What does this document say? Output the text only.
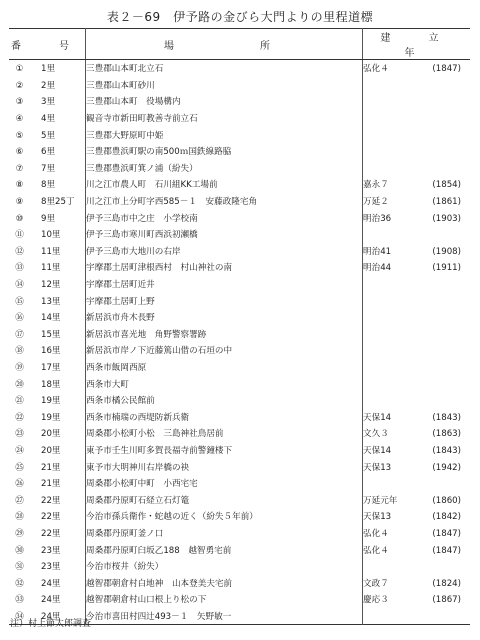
表２－69　伊予路の金びら大門よりの里程道標
番　号	場　　　所	建　立　年
① 1里	三豊郡山本町北立石	弘化４ (1847)
② 2里	三豊郡山本町砂川	
③ 3里	三豊郡山本町　役場構内	
④ 4里	観音寺市新田町教善寺前立石	
⑤ 5里	三豊郡大野原町中姫	
⑥ 6里	三豊郡豊浜町駅の南500ｍ国鉄線路脇	
⑦ 7里	三豊郡豊浜町箕ノ浦（紛失）	
⑧ 8里	川之江市農人町　石川組KK工場前	嘉永７ (1854)
⑨ 8里25丁	川之江市上分町字西585－１　安藤政隆宅角	万延２ (1861)
⑩ 9里	伊予三島市中之庄　小学校南	明治36 (1903)
⑪ 10里	伊予三島市寒川町西浜初瀬橋	
⑫ 11里	伊予三島市大地川の右岸	明治41 (1908)
⑬ 11里	宇摩郡土居町津根西村　村山神社の南	明治44 (1911)
⑭ 12里	宇摩郡土居町近井	
⑮ 13里	宇摩郡土居町上野	
⑯ 14里	新居浜市舟木長野	
⑰ 15里	新居浜市喜光地　角野警察署跡	
⑱ 16里	新居浜市岸ノ下近藤篤山借の石垣の中	
⑲ 17里	西条市飯岡西原	
⑳ 18里	西条市大町	
㉑ 19里	西条市橘公民館前	
㉒ 19里	西条市楠瑞の西堤防新兵衛	天保14 (1843)
㉓ 20里	周桑郡小松町小松　三島神社鳥居前	文久３ (1863)
㉔ 20里	東予市壬生川町多賀長福寺前警鐘楼下	天保14 (1843)
㉕ 21里	東予市大明神川右岸橋の袂	天保13 (1942)
㉖ 21里	周桑郡小松町中町　小西宅宅	
㉗ 22里	周桑郡丹原町石経立石灯篭	万延元年 (1860)
㉘ 22里	今治市孫兵衛作・蛇越の近く（紛失５年前）	天保13 (1842)
㉙ 22里	周桑郡丹原町釜ノ口	弘化４ (1847)
㉚ 23里	周桑郡丹原町臼坂乙188　越智勇宅前	弘化４ (1847)
㉛ 23里	今治市桜井（紛失）	
㉜ 24里	越智郡朝倉村白地神　山本登美夫宅前	文政７ (1824)
㉝ 24里	越智郡朝倉村山口根上り松の下	慶応３ (1867)
㉞ 24里	今治市喜田村四辻493－１　矢野敏一	
注）村上節太郎調査
